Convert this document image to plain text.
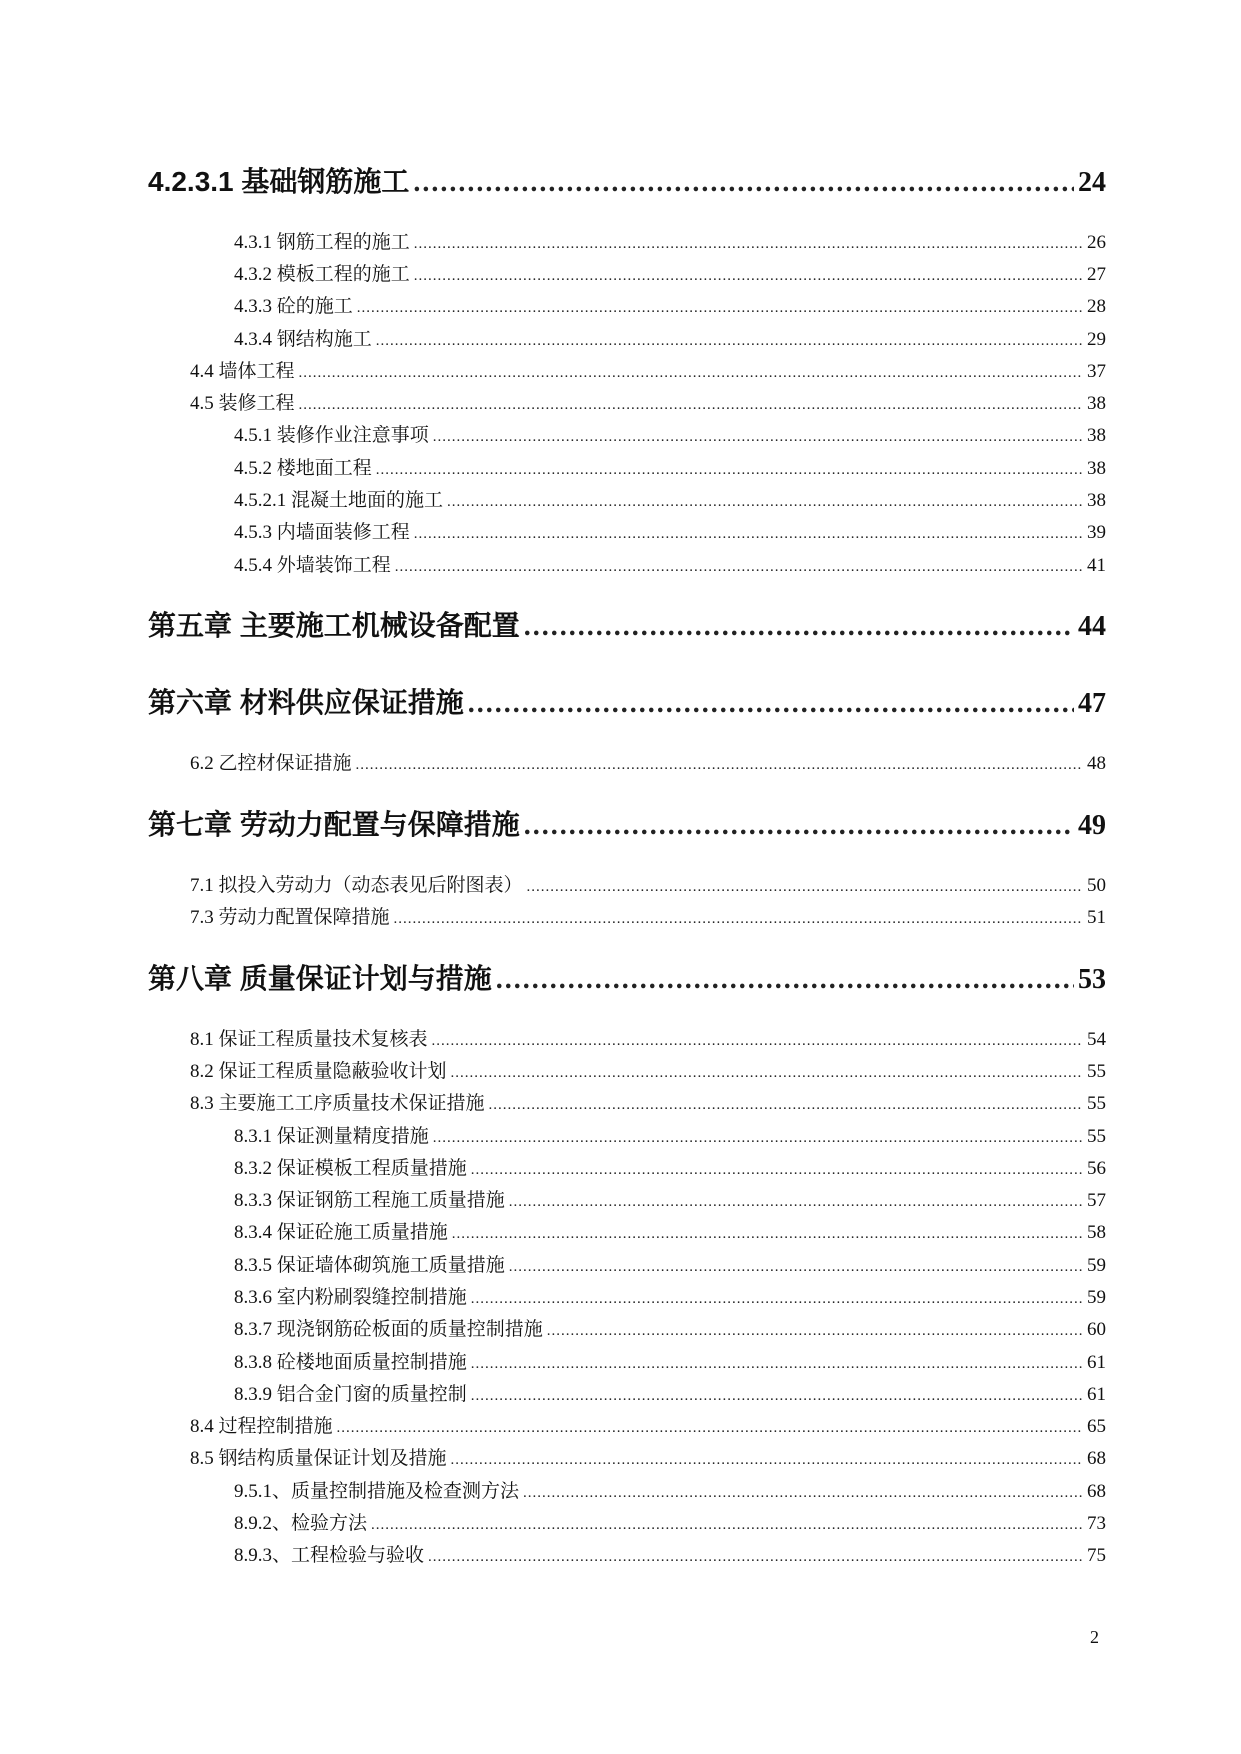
4.2.3.1 基础钢筋施工 .....	24
4.3.1 钢筋工程的施工 .....	26
4.3.2 模板工程的施工 .....	27
4.3.3 砼的施工 .....	28
4.3.4 钢结构施工 .....	29
4.4 墙体工程 .....	37
4.5 装修工程 .....	38
4.5.1 装修作业注意事项 .....	38
4.5.2 楼地面工程 .....	38
4.5.2.1 混凝土地面的施工 .....	38
4.5.3 内墙面装修工程 .....	39
4.5.4 外墙装饰工程 .....	41
第五章 主要施工机械设备配置 .....	44
第六章 材料供应保证措施 .....	47
6.2 乙控材保证措施 .....	48
第七章 劳动力配置与保障措施 .....	49
7.1 拟投入劳动力（动态表见后附图表） .....	50
7.3 劳动力配置保障措施 .....	51
第八章 质量保证计划与措施 .....	53
8.1 保证工程质量技术复核表 .....	54
8.2 保证工程质量隐蔽验收计划 .....	55
8.3 主要施工工序质量技术保证措施 .....	55
8.3.1 保证测量精度措施 .....	55
8.3.2 保证模板工程质量措施 .....	56
8.3.3 保证钢筋工程施工质量措施 .....	57
8.3.4 保证砼施工质量措施 .....	58
8.3.5 保证墙体砌筑施工质量措施 .....	59
8.3.6 室内粉刷裂缝控制措施 .....	59
8.3.7 现浇钢筋砼板面的质量控制措施 .....	60
8.3.8 砼楼地面质量控制措施 .....	61
8.3.9 铝合金门窗的质量控制 .....	61
8.4 过程控制措施 .....	65
8.5 钢结构质量保证计划及措施 .....	68
9.5.1、质量控制措施及检查测方法 .....	68
8.9.2、检验方法 .....	73
8.9.3、工程检验与验收 .....	75
2
